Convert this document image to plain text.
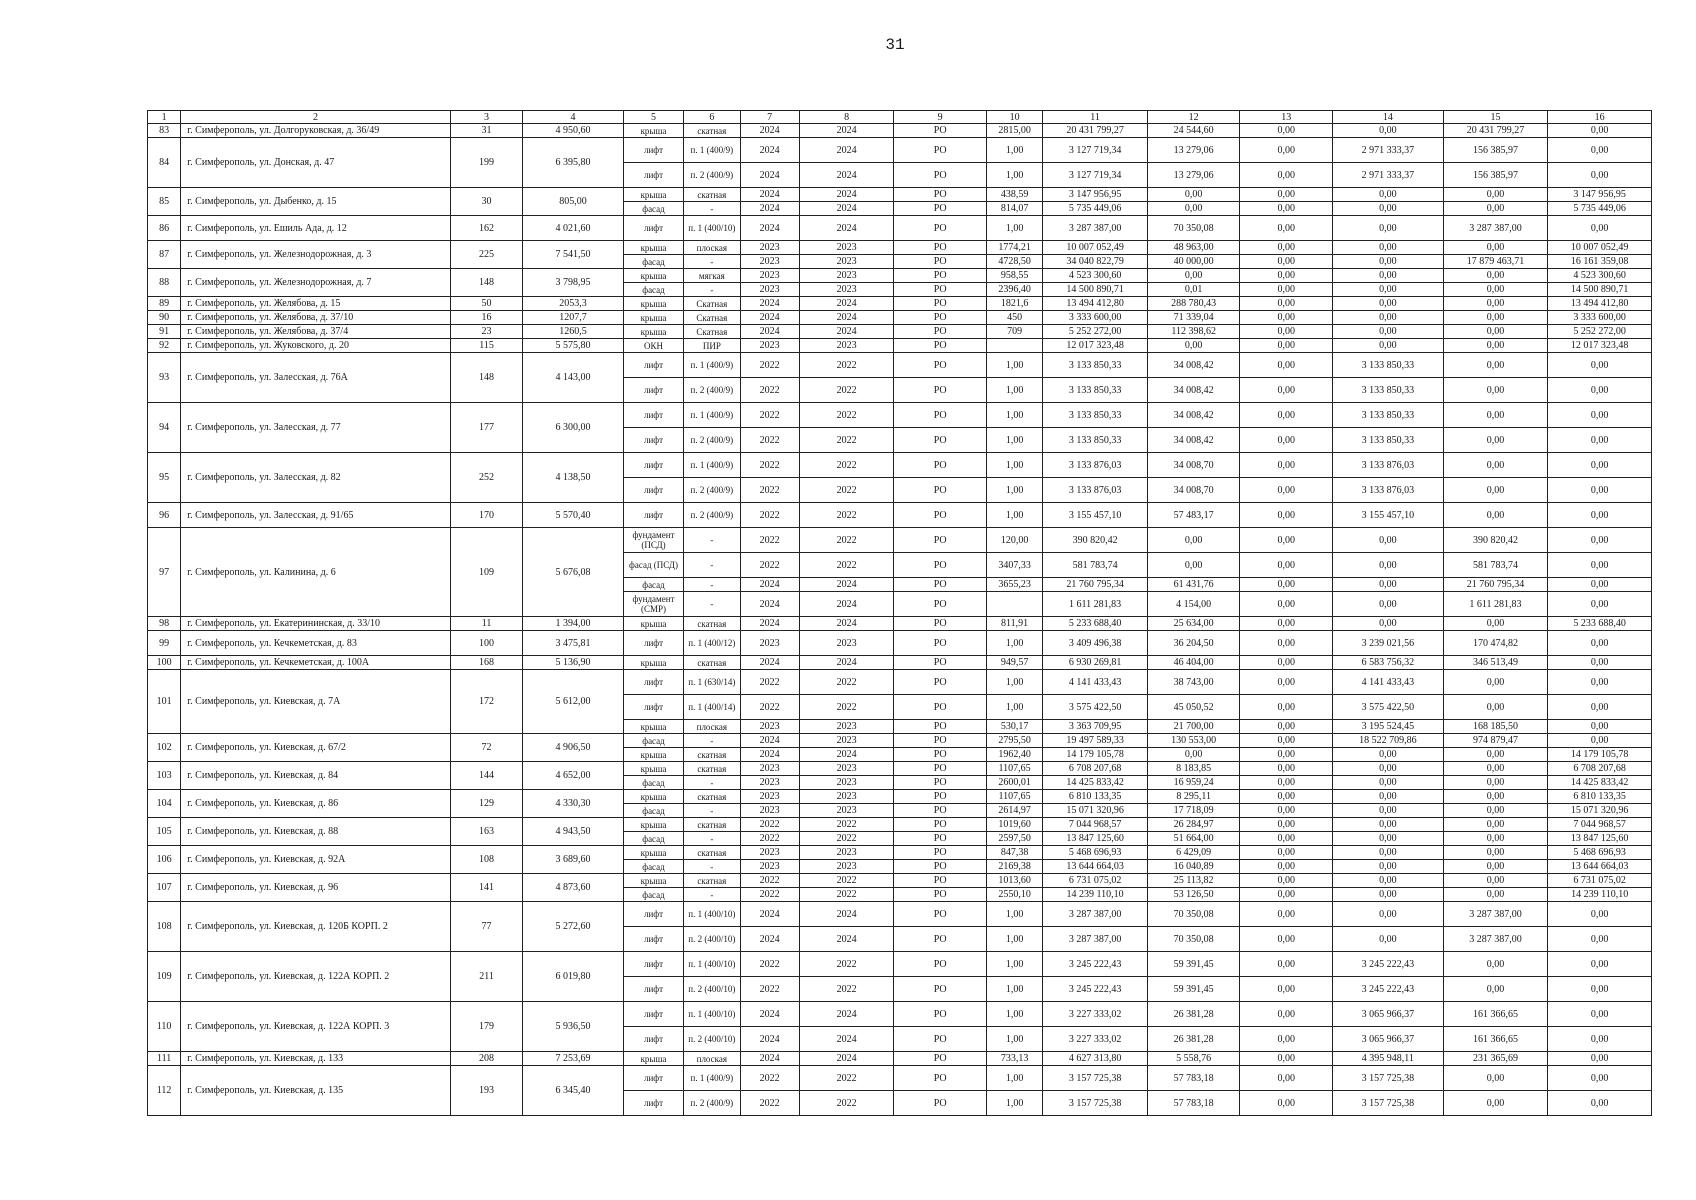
31
1	2	3	4	5	6	7	8	9	10	11	12	13	14	15	16
83	г. Симферополь, ул. Долгоруковская, д. 36/49	31	4 950,60	крыша	скатная	2024	2024	РО	2815,00	20 431 799,27	24 544,60	0,00	0,00	20 431 799,27	0,00
84	г. Симферополь, ул. Донская, д. 47	199	6 395,80	лифт	п. 1 (400/9)	2024	2024	РО	1,00	3 127 719,34	13 279,06	0,00	2 971 333,37	156 385,97	0,00
				лифт	п. 2 (400/9)	2024	2024	РО	1,00	3 127 719,34	13 279,06	0,00	2 971 333,37	156 385,97	0,00
85	г. Симферополь, ул. Дыбенко, д. 15	30	805,00	крыша	скатная	2024	2024	РО	438,59	3 147 956,95	0,00	0,00	0,00	0,00	3 147 956,95
				фасад	-	2024	2024	РО	814,07	5 735 449,06	0,00	0,00	0,00	0,00	5 735 449,06
86	г. Симферополь, ул. Ешиль Ада, д. 12	162	4 021,60	лифт	п. 1 (400/10)	2024	2024	РО	1,00	3 287 387,00	70 350,08	0,00	0,00	3 287 387,00	0,00
87	г. Симферополь, ул. Железнодорожная, д. 3	225	7 541,50	крыша	плоская	2023	2023	РО	1774,21	10 007 052,49	48 963,00	0,00	0,00	0,00	10 007 052,49
				фасад	-	2023	2023	РО	4728,50	34 040 822,79	40 000,00	0,00	0,00	17 879 463,71	16 161 359,08
88	г. Симферополь, ул. Железнодорожная, д. 7	148	3 798,95	крыша	мягкая	2023	2023	РО	958,55	4 523 300,60	0,00	0,00	0,00	0,00	4 523 300,60
				фасад	-	2023	2023	РО	2396,40	14 500 890,71	0,01	0,00	0,00	0,00	14 500 890,71
89	г. Симферополь, ул. Желябова, д. 15	50	2053,3	крыша	Скатная	2024	2024	РО	1821,6	13 494 412,80	288 780,43	0,00	0,00	0,00	13 494 412,80
90	г. Симферополь, ул. Желябова, д. 37/10	16	1207,7	крыша	Скатная	2024	2024	РО	450	3 333 600,00	71 339,04	0,00	0,00	0,00	3 333 600,00
91	г. Симферополь, ул. Желябова, д. 37/4	23	1260,5	крыша	Скатная	2024	2024	РО	709	5 252 272,00	112 398,62	0,00	0,00	0,00	5 252 272,00
92	г. Симферополь, ул. Жуковского, д. 20	115	5 575,80	ОКН	ПИР	2023	2023	РО		12 017 323,48	0,00	0,00	0,00	0,00	12 017 323,48
93	г. Симферополь, ул. Залесская, д. 76А	148	4 143,00	лифт	п. 1 (400/9)	2022	2022	РО	1,00	3 133 850,33	34 008,42	0,00	3 133 850,33	0,00	0,00
				лифт	п. 2 (400/9)	2022	2022	РО	1,00	3 133 850,33	34 008,42	0,00	3 133 850,33	0,00	0,00
94	г. Симферополь, ул. Залесская, д. 77	177	6 300,00	лифт	п. 1 (400/9)	2022	2022	РО	1,00	3 133 850,33	34 008,42	0,00	3 133 850,33	0,00	0,00
				лифт	п. 2 (400/9)	2022	2022	РО	1,00	3 133 850,33	34 008,42	0,00	3 133 850,33	0,00	0,00
95	г. Симферополь, ул. Залесская, д. 82	252	4 138,50	лифт	п. 1 (400/9)	2022	2022	РО	1,00	3 133 876,03	34 008,70	0,00	3 133 876,03	0,00	0,00
				лифт	п. 2 (400/9)	2022	2022	РО	1,00	3 133 876,03	34 008,70	0,00	3 133 876,03	0,00	0,00
96	г. Симферополь, ул. Залесская, д. 91/65	170	5 570,40	лифт	п. 2 (400/9)	2022	2022	РО	1,00	3 155 457,10	57 483,17	0,00	3 155 457,10	0,00	0,00
97	г. Симферополь, ул. Калинина, д. 6	109	5 676,08	фундамент (ПСД)	-	2022	2022	РО	120,00	390 820,42	0,00	0,00	0,00	390 820,42	0,00
				фасад (ПСД)	-	2022	2022	РО	3407,33	581 783,74	0,00	0,00	0,00	581 783,74	0,00
				фасад	-	2024	2024	РО	3655,23	21 760 795,34	61 431,76	0,00	0,00	21 760 795,34	0,00
				фундамент (СМР)	-	2024	2024	РО		1 611 281,83	4 154,00	0,00	0,00	1 611 281,83	0,00
98	г. Симферополь, ул. Екатерининская, д. 33/10	11	1 394,00	крыша	скатная	2024	2024	РО	811,91	5 233 688,40	25 634,00	0,00	0,00	0,00	5 233 688,40
99	г. Симферополь, ул. Кечкеметская, д. 83	100	3 475,81	лифт	п. 1 (400/12)	2023	2023	РО	1,00	3 409 496,38	36 204,50	0,00	3 239 021,56	170 474,82	0,00
100	г. Симферополь, ул. Кечкеметская, д. 100А	168	5 136,90	крыша	скатная	2024	2024	РО	949,57	6 930 269,81	46 404,00	0,00	6 583 756,32	346 513,49	0,00
101	г. Симферополь, ул. Киевская, д. 7А	172	5 612,00	лифт	п. 1 (630/14)	2022	2022	РО	1,00	4 141 433,43	38 743,00	0,00	4 141 433,43	0,00	0,00
				лифт	п. 1 (400/14)	2022	2022	РО	1,00	3 575 422,50	45 050,52	0,00	3 575 422,50	0,00	0,00
				крыша	плоская	2023	2023	РО	530,17	3 363 709,95	21 700,00	0,00	3 195 524,45	168 185,50	0,00
102	г. Симферополь, ул. Киевская, д. 67/2	72	4 906,50	фасад	-	2024	2023	РО	2795,50	19 497 589,33	130 553,00	0,00	18 522 709,86	974 879,47	0,00
				крыша	скатная	2024	2024	РО	1962,40	14 179 105,78	0,00	0,00	0,00	0,00	14 179 105,78
103	г. Симферополь, ул. Киевская, д. 84	144	4 652,00	крыша	скатная	2023	2023	РО	1107,65	6 708 207,68	8 183,85	0,00	0,00	0,00	6 708 207,68
				фасад	-	2023	2023	РО	2600,01	14 425 833,42	16 959,24	0,00	0,00	0,00	14 425 833,42
104	г. Симферополь, ул. Киевская, д. 86	129	4 330,30	крыша	скатная	2023	2023	РО	1107,65	6 810 133,35	8 295,11	0,00	0,00	0,00	6 810 133,35
				фасад	-	2023	2023	РО	2614,97	15 071 320,96	17 718,09	0,00	0,00	0,00	15 071 320,96
105	г. Симферополь, ул. Киевская, д. 88	163	4 943,50	крыша	скатная	2022	2022	РО	1019,60	7 044 968,57	26 284,97	0,00	0,00	0,00	7 044 968,57
				фасад	-	2022	2022	РО	2597,50	13 847 125,60	51 664,00	0,00	0,00	0,00	13 847 125,60
106	г. Симферополь, ул. Киевская, д. 92А	108	3 689,60	крыша	скатная	2023	2023	РО	847,38	5 468 696,93	6 429,09	0,00	0,00	0,00	5 468 696,93
				фасад	-	2023	2023	РО	2169,38	13 644 664,03	16 040,89	0,00	0,00	0,00	13 644 664,03
107	г. Симферополь, ул. Киевская, д. 96	141	4 873,60	крыша	скатная	2022	2022	РО	1013,60	6 731 075,02	25 113,82	0,00	0,00	0,00	6 731 075,02
				фасад	-	2022	2022	РО	2550,10	14 239 110,10	53 126,50	0,00	0,00	0,00	14 239 110,10
108	г. Симферополь, ул. Киевская, д. 120Б КОРП. 2	77	5 272,60	лифт	п. 1 (400/10)	2024	2024	РО	1,00	3 287 387,00	70 350,08	0,00	0,00	3 287 387,00	0,00
				лифт	п. 2 (400/10)	2024	2024	РО	1,00	3 287 387,00	70 350,08	0,00	0,00	3 287 387,00	0,00
109	г. Симферополь, ул. Киевская, д. 122А КОРП. 2	211	6 019,80	лифт	п. 1 (400/10)	2022	2022	РО	1,00	3 245 222,43	59 391,45	0,00	3 245 222,43	0,00	0,00
				лифт	п. 2 (400/10)	2022	2022	РО	1,00	3 245 222,43	59 391,45	0,00	3 245 222,43	0,00	0,00
110	г. Симферополь, ул. Киевская, д. 122А КОРП. 3	179	5 936,50	лифт	п. 1 (400/10)	2024	2024	РО	1,00	3 227 333,02	26 381,28	0,00	3 065 966,37	161 366,65	0,00
				лифт	п. 2 (400/10)	2024	2024	РО	1,00	3 227 333,02	26 381,28	0,00	3 065 966,37	161 366,65	0,00
111	г. Симферополь, ул. Киевская, д. 133	208	7 253,69	крыша	плоская	2024	2024	РО	733,13	4 627 313,80	5 558,76	0,00	4 395 948,11	231 365,69	0,00
112	г. Симферополь, ул. Киевская, д. 135	193	6 345,40	лифт	п. 1 (400/9)	2022	2022	РО	1,00	3 157 725,38	57 783,18	0,00	3 157 725,38	0,00	0,00
				лифт	п. 2 (400/9)	2022	2022	РО	1,00	3 157 725,38	57 783,18	0,00	3 157 725,38	0,00	0,00
